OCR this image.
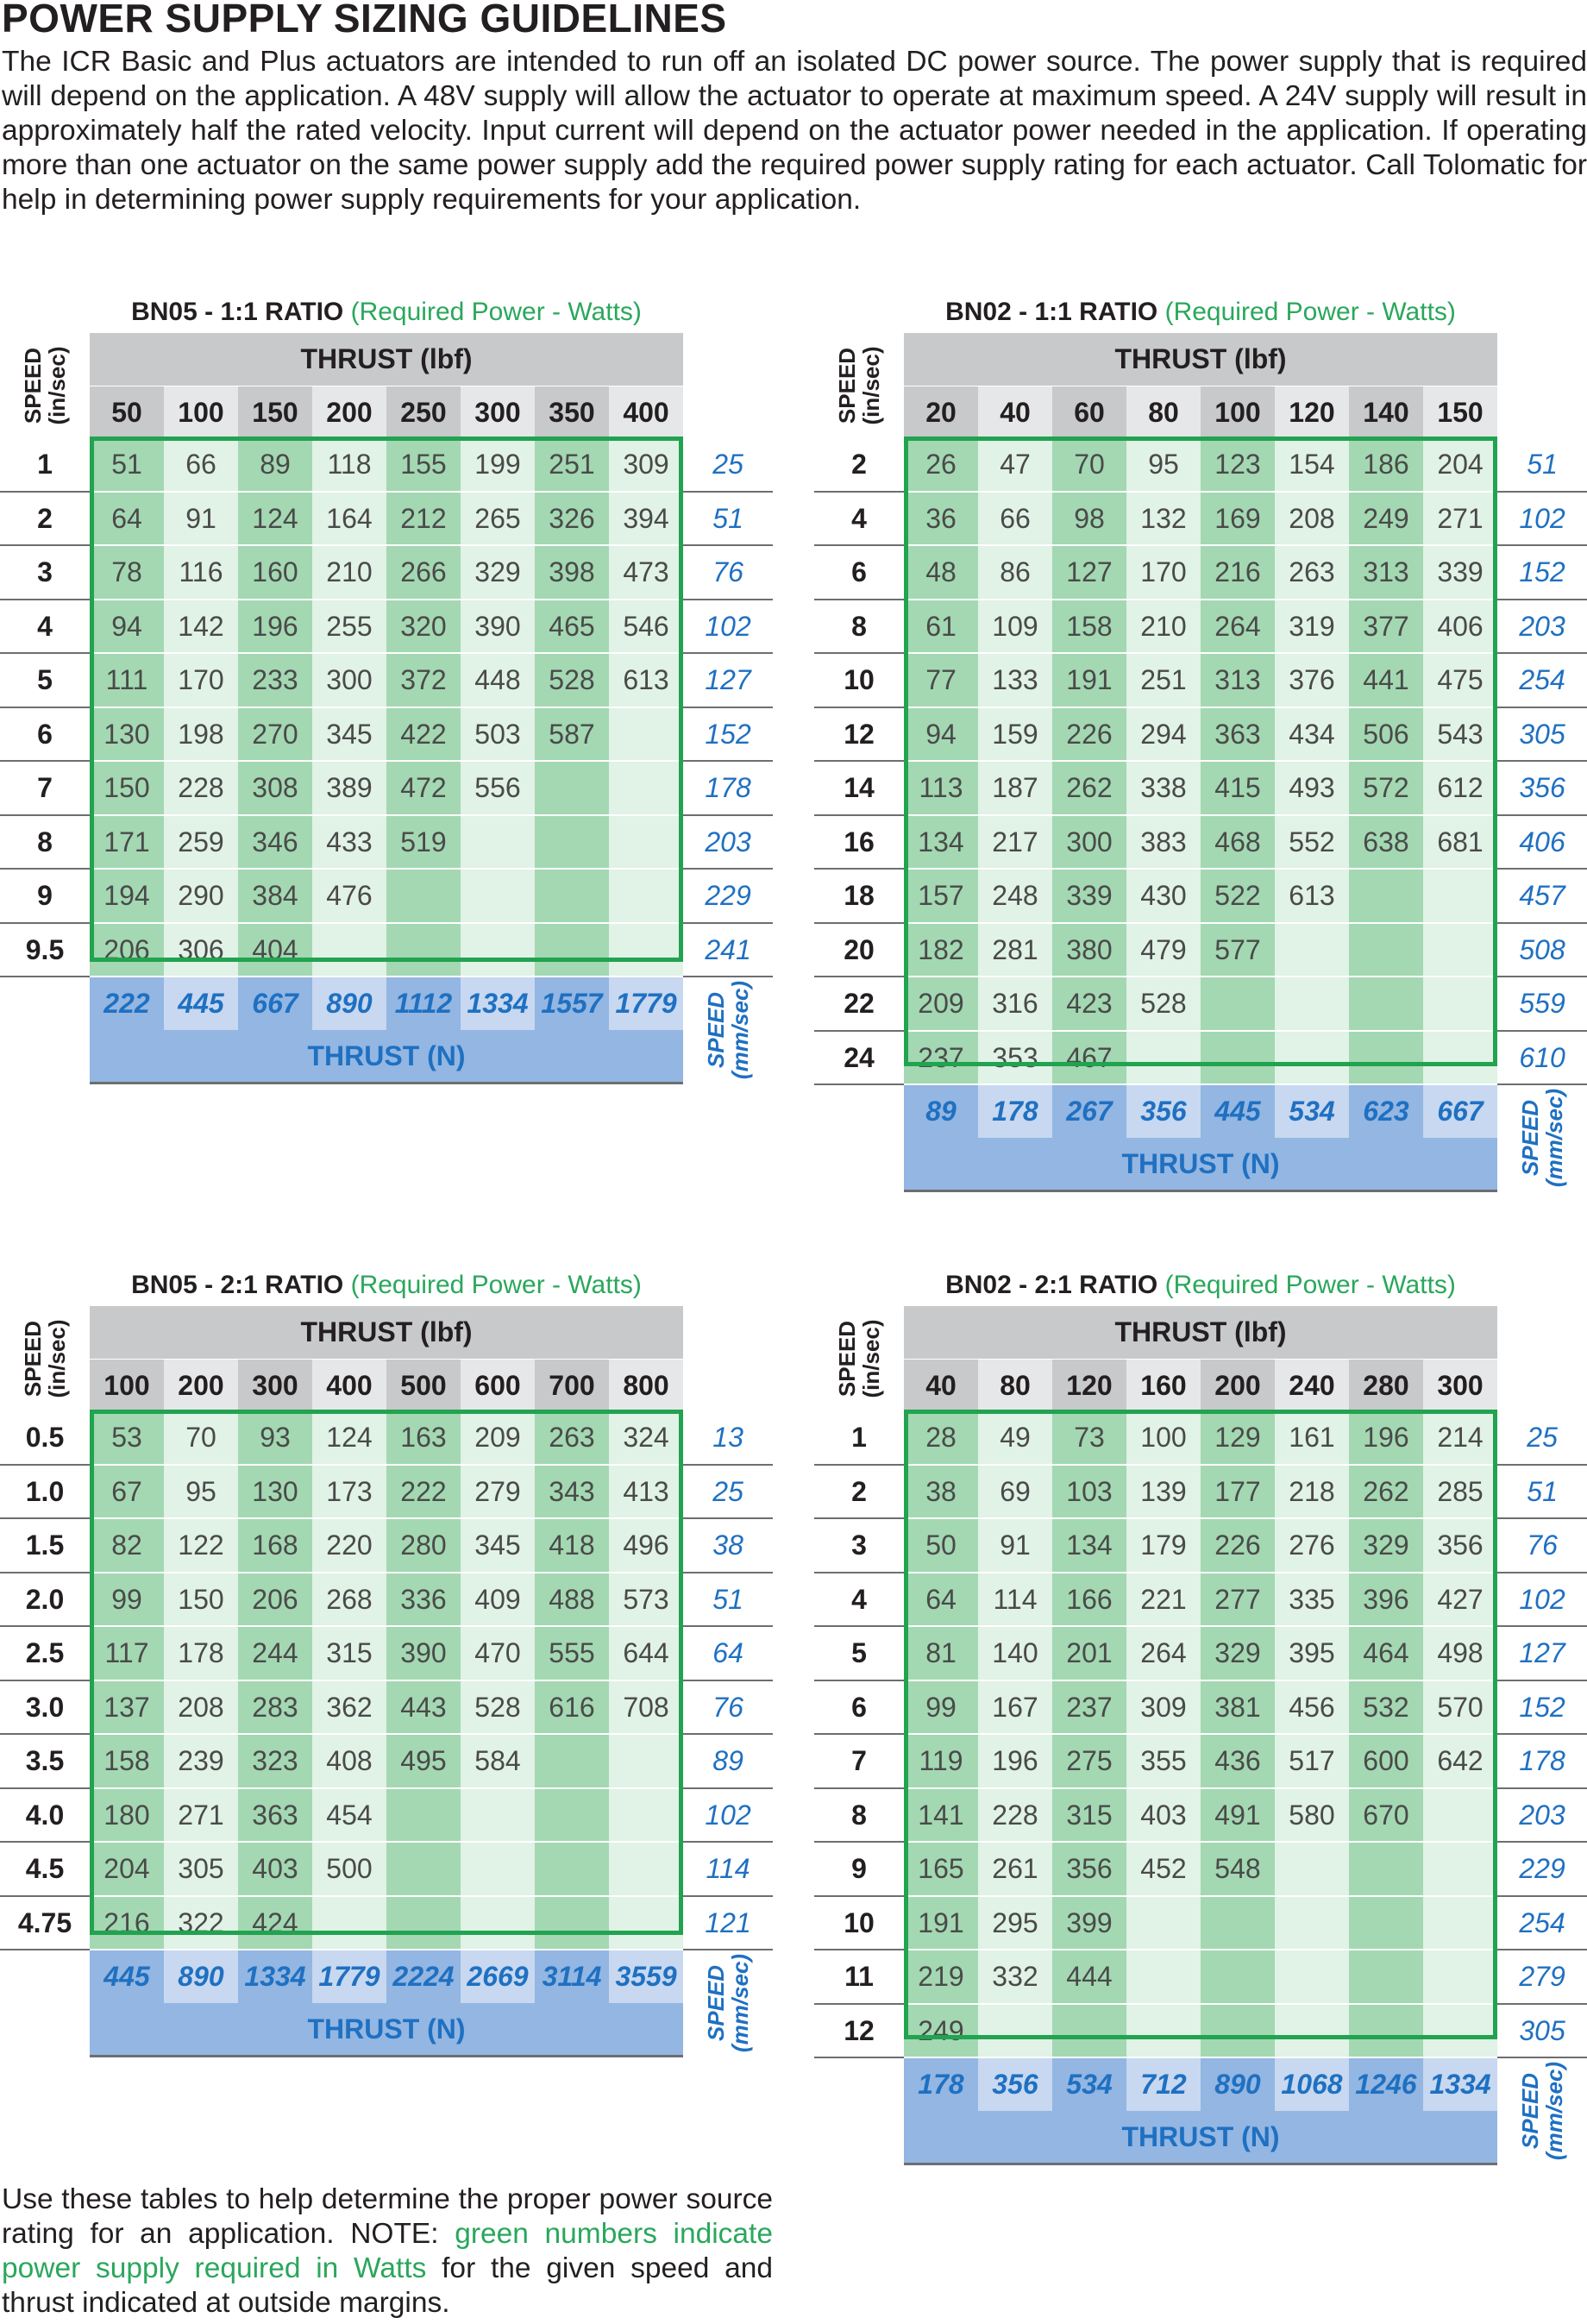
POWER SUPPLY SIZING GUIDELINES

The ICR Basic and Plus actuators are intended to run off an isolated DC power source. The power supply that is required will depend on the application. A 48V supply will allow the actuator to operate at maximum speed. A 24V supply will result in approximately half the rated velocity. Input current will depend on the actuator power needed in the application. If operating more than one actuator on the same power supply add the required power supply rating for each actuator. Call Tolomatic for help in determining power supply requirements for your application.

BN05 - 1:1 RATIO (Required Power - Watts)
SPEED
(in/sec)	THRUST (lbf)								
	50	100	150	200	250	300	350	400	
1	51	66	89	118	155	199	251	309	25
2	64	91	124	164	212	265	326	394	51
3	78	116	160	210	266	329	398	473	76
4	94	142	196	255	320	390	465	546	102
5	111	170	233	300	372	448	528	613	127
6	130	198	270	345	422	503	587		152
7	150	228	308	389	472	556			178
8	171	259	346	433	519				203
9	194	290	384	476					229
9.5	206	306	404						241
	222	445	667	890	1112	1334	1557	1779	SPEED
(mm/sec)

	THRUST (N)								
BN02 - 1:1 RATIO (Required Power - Watts)
SPEED
(in/sec)	THRUST (lbf)								
	20	40	60	80	100	120	140	150	
2	26	47	70	95	123	154	186	204	51
4	36	66	98	132	169	208	249	271	102
6	48	86	127	170	216	263	313	339	152
8	61	109	158	210	264	319	377	406	203
10	77	133	191	251	313	376	441	475	254
12	94	159	226	294	363	434	506	543	305
14	113	187	262	338	415	493	572	612	356
16	134	217	300	383	468	552	638	681	406
18	157	248	339	430	522	613			457
20	182	281	380	479	577				508
22	209	316	423	528					559
24	237	353	467						610
	89	178	267	356	445	534	623	667	SPEED
(mm/sec)

	THRUST (N)								
BN05 - 2:1 RATIO (Required Power - Watts)
SPEED
(in/sec)	THRUST (lbf)								
	100	200	300	400	500	600	700	800	
0.5	53	70	93	124	163	209	263	324	13
1.0	67	95	130	173	222	279	343	413	25
1.5	82	122	168	220	280	345	418	496	38
2.0	99	150	206	268	336	409	488	573	51
2.5	117	178	244	315	390	470	555	644	64
3.0	137	208	283	362	443	528	616	708	76
3.5	158	239	323	408	495	584			89
4.0	180	271	363	454					102
4.5	204	305	403	500					114
4.75	216	322	424						121
	445	890	1334	1779	2224	2669	3114	3559	SPEED
(mm/sec)

	THRUST (N)								
BN02 - 2:1 RATIO (Required Power - Watts)
SPEED
(in/sec)	THRUST (lbf)								
	40	80	120	160	200	240	280	300	
1	28	49	73	100	129	161	196	214	25
2	38	69	103	139	177	218	262	285	51
3	50	91	134	179	226	276	329	356	76
4	64	114	166	221	277	335	396	427	102
5	81	140	201	264	329	395	464	498	127
6	99	167	237	309	381	456	532	570	152
7	119	196	275	355	436	517	600	642	178
8	141	228	315	403	491	580	670		203
9	165	261	356	452	548				229
10	191	295	399						254
11	219	332	444						279
12	249								305
	178	356	534	712	890	1068	1246	1334	SPEED
(mm/sec)

	THRUST (N)								

Use these tables to help determine the proper power source rating for an application. NOTE: green numbers indicate power supply required in Watts for the given speed and thrust indicated at outside margins.
